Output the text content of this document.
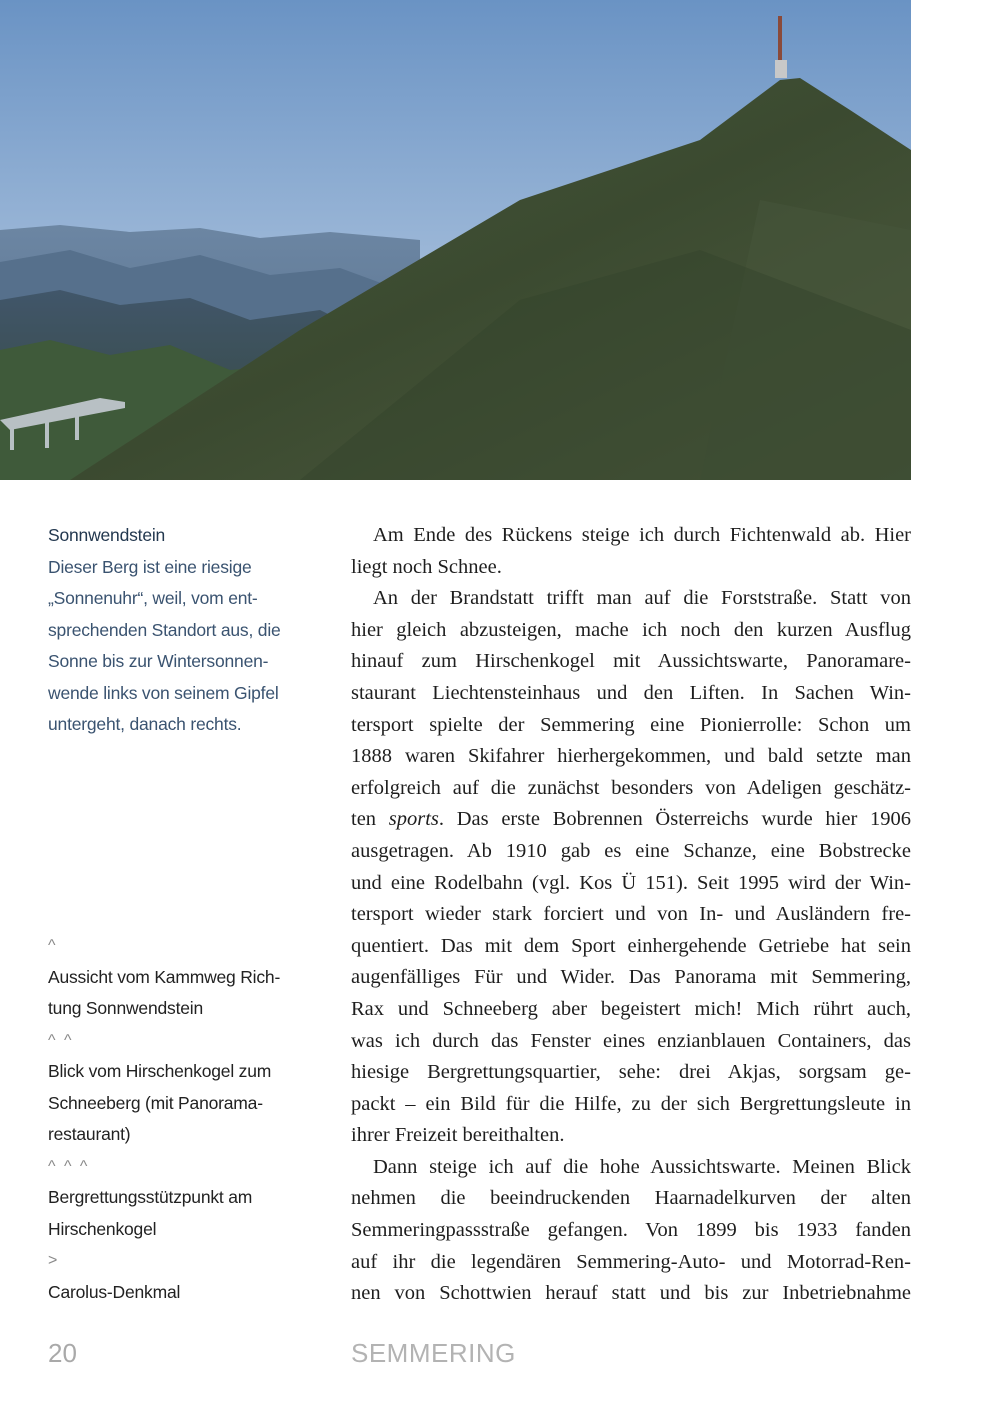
Sonnwendstein
Dieser Berg ist eine riesige
„Sonnenuhr“, weil, vom ent-
sprechenden Standort aus, die
Sonne bis zur Wintersonnen-
wende links von seinem Gipfel
untergeht, danach rechts.
^
Aussicht vom Kammweg Rich-
tung Sonnwendstein
^ ^
Blick vom Hirschenkogel zum
Schneeberg (mit Panorama-
restaurant)
^ ^ ^
Bergrettungsstützpunkt am
Hirschenkogel
>
Carolus-Denkmal
Am Ende des Rückens steige ich durch Fichtenwald ab. Hier
liegt noch Schnee.
An der Brandstatt trifft man auf die Forststraße. Statt von
hier gleich abzusteigen, mache ich noch den kurzen Ausflug
hinauf zum Hirschenkogel mit Aussichtswarte, Panoramare-
staurant Liechtensteinhaus und den Liften. In Sachen Win-
tersport spielte der Semmering eine Pionierrolle: Schon um
1888 waren Skifahrer hierhergekommen, und bald setzte man
erfolgreich auf die zunächst besonders von Adeligen geschätz-
ten sports. Das erste Bobrennen Österreichs wurde hier 1906
ausgetragen. Ab 1910 gab es eine Schanze, eine Bobstrecke
und eine Rodelbahn (vgl. Kos Ü 151). Seit 1995 wird der Win-
tersport wieder stark forciert und von In- und Ausländern fre-
quentiert. Das mit dem Sport einhergehende Getriebe hat sein
augenfälliges Für und Wider. Das Panorama mit Semmering,
Rax und Schneeberg aber begeistert mich! Mich rührt auch,
was ich durch das Fenster eines enzianblauen Containers, das
hiesige Bergrettungsquartier, sehe: drei Akjas, sorgsam ge-
packt – ein Bild für die Hilfe, zu der sich Bergrettungsleute in
ihrer Freizeit bereithalten.
Dann steige ich auf die hohe Aussichtswarte. Meinen Blick
nehmen die beeindruckenden Haarnadelkurven der alten
Semmeringpassstraße gefangen. Von 1899 bis 1933 fanden
auf ihr die legendären Semmering-Auto- und Motorrad-Ren-
nen von Schottwien herauf statt und bis zur Inbetriebnahme
20	SEMMERING
